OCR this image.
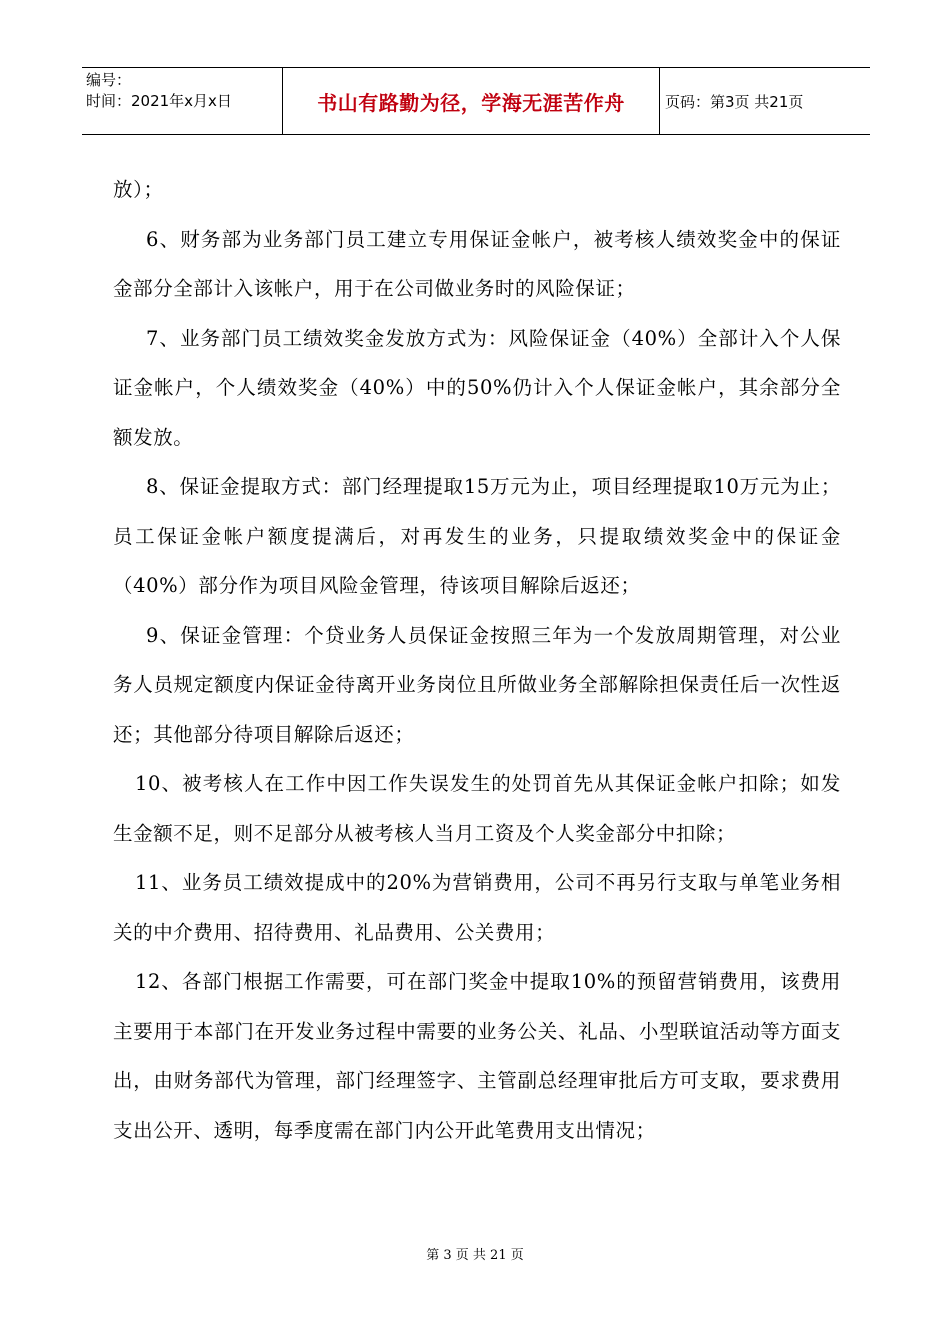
编号：
时间：2021年x月x日	书山有路勤为径，学海无涯苦作舟	页码：第3页 共21页

放）；

6、财务部为业务部门员工建立专用保证金帐户，被考核人绩效奖金中的保证金部分全部计入该帐户，用于在公司做业务时的风险保证；

7、业务部门员工绩效奖金发放方式为：风险保证金（40%）全部计入个人保证金帐户，个人绩效奖金（40%）中的50%仍计入个人保证金帐户，其余部分全额发放。

8、保证金提取方式：部门经理提取15万元为止，项目经理提取10万元为止；员工保证金帐户额度提满后，对再发生的业务，只提取绩效奖金中的保证金（40%）部分作为项目风险金管理，待该项目解除后返还；

9、保证金管理：个贷业务人员保证金按照三年为一个发放周期管理，对公业务人员规定额度内保证金待离开业务岗位且所做业务全部解除担保责任后一次性返还；其他部分待项目解除后返还；

10、被考核人在工作中因工作失误发生的处罚首先从其保证金帐户扣除；如发生金额不足，则不足部分从被考核人当月工资及个人奖金部分中扣除；

11、业务员工绩效提成中的20%为营销费用，公司不再另行支取与单笔业务相关的中介费用、招待费用、礼品费用、公关费用；

12、各部门根据工作需要，可在部门奖金中提取10%的预留营销费用，该费用主要用于本部门在开发业务过程中需要的业务公关、礼品、小型联谊活动等方面支出，由财务部代为管理，部门经理签字、主管副总经理审批后方可支取，要求费用支出公开、透明，每季度需在部门内公开此笔费用支出情况；

第 3 页 共 21 页
